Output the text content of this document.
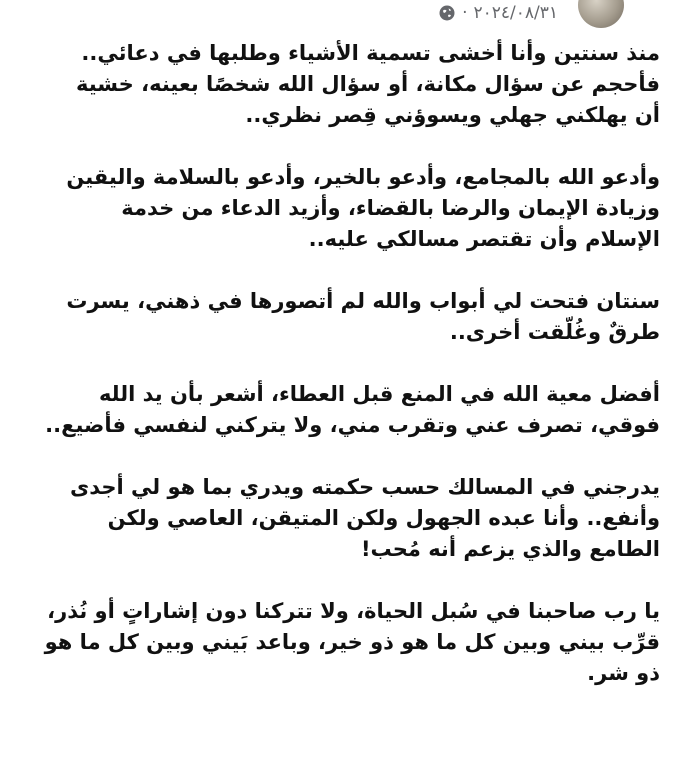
· ٢٠٢٤/٠٨/٣١

منذ سنتين وأنا أخشى تسمية الأشياء وطلبها في دعائي..
فأحجم عن سؤال مكانة، أو سؤال الله شخصًا بعينه، خشية
أن يهلكني جهلي ويسوؤني قِصر نظري..

وأدعو الله بالمجامع، وأدعو بالخير، وأدعو بالسلامة واليقين
وزيادة الإيمان والرضا بالقضاء، وأزيد الدعاء من خدمة
الإسلام وأن تقتصر مسالكي عليه..

سنتان فتحت لي أبواب والله لم أتصورها في ذهني، يسرت
طرقٌ وغُلّقت أخرى..

أفضل معية الله في المنع قبل العطاء، أشعر بأن يد الله
فوقي، تصرف عني وتقرب مني، ولا يتركني لنفسي فأضيع..

يدرجني في المسالك حسب حكمته ويدري بما هو لي أجدى
وأنفع.. وأنا عبده الجهول ولكن المتيقن، العاصي ولكن
الطامع والذي يزعم أنه مُحب!

يا رب صاحبنا في سُبل الحياة، ولا تتركنا دون إشاراتٍ أو نُذر،
قرِّب بيني وبين كل ما هو ذو خير، وباعد بَيني وبين كل ما هو
ذو شر.
